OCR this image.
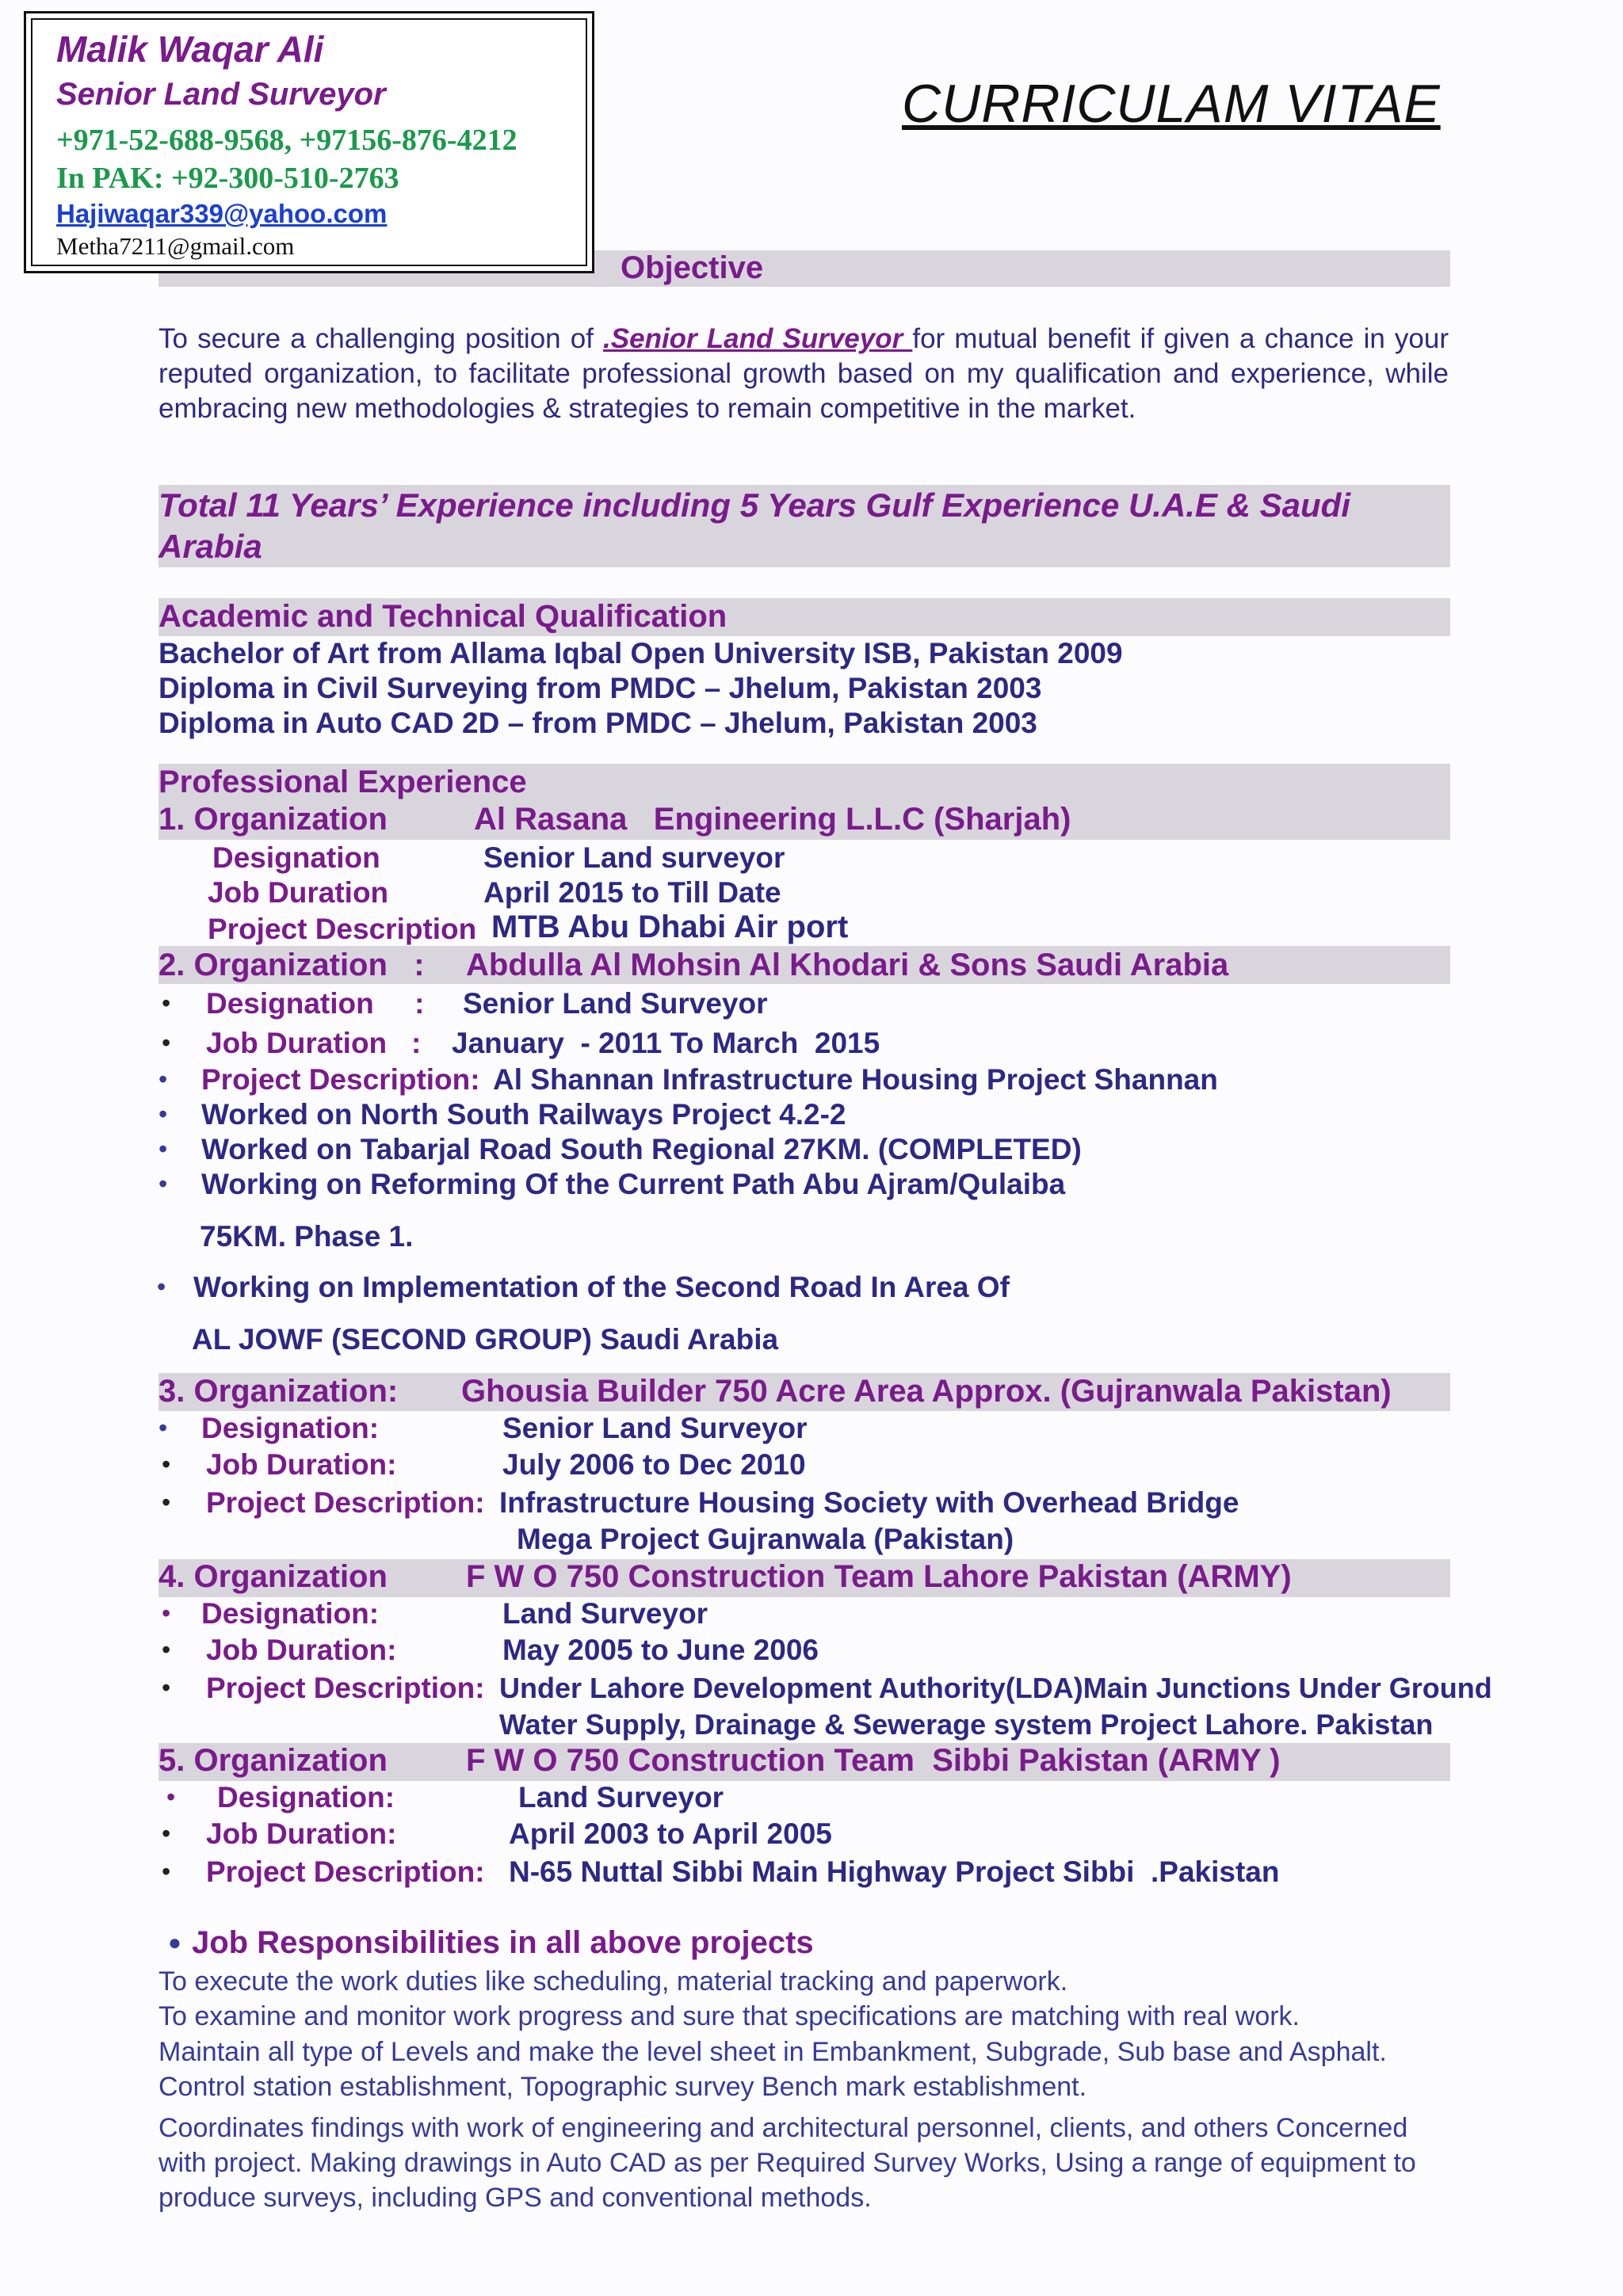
Malik Waqar Ali
Senior Land Surveyor
+971-52-688-9568, +97156-876-4212
In PAK: +92-300-510-2763
Hajiwaqar339@yahoo.com
Metha7211@gmail.com
CURRICULAM VITAE
Objective
To secure a challenging position of .Senior Land Surveyor for mutual benefit if given a chance in your reputed organization, to facilitate professional growth based on my qualification and experience, while embracing new methodologies & strategies to remain competitive in the market.
Total 11 Years’ Experience including 5 Years Gulf Experience U.A.E & Saudi Arabia
Academic and Technical Qualification
Bachelor of Art from Allama Iqbal Open University ISB, Pakistan 2009
Diploma in Civil Surveying from PMDC – Jhelum, Pakistan 2003
Diploma in Auto CAD 2D – from PMDC – Jhelum, Pakistan 2003
Professional Experience
1. Organization	Al Rasana   Engineering L.L.C (Sharjah)
Designation	Senior Land surveyor
Job Duration	April 2015 to Till Date
Project Description MTB Abu Dhabi Air port
2. Organization   : Abdulla Al Mohsin Al Khodari & Sons Saudi Arabia
• Designation     : Senior Land Surveyor
• Job Duration   : January  - 2011 To March  2015
• Project Description: Al Shannan Infrastructure Housing Project Shannan
• Worked on North South Railways Project 4.2-2
• Worked on Tabarjal Road South Regional 27KM. (COMPLETED)
• Working on Reforming Of the Current Path Abu Ajram/Qulaiba
75KM. Phase 1.
• Working on Implementation of the Second Road In Area Of
AL JOWF (SECOND GROUP) Saudi Arabia
3. Organization: Ghousia Builder 750 Acre Area Approx. (Gujranwala Pakistan)
• Designation:	Senior Land Surveyor
• Job Duration:	July 2006 to Dec 2010
• Project Description: Infrastructure Housing Society with Overhead Bridge
Mega Project Gujranwala (Pakistan)
4. Organization F W O 750 Construction Team Lahore Pakistan (ARMY)
• Designation:	Land Surveyor
• Job Duration:	May 2005 to June 2006
• Project Description: Under Lahore Development Authority(LDA)Main Junctions Under Ground
Water Supply, Drainage & Sewerage system Project Lahore. Pakistan
5. Organization F W O 750 Construction Team  Sibbi Pakistan (ARMY )
• Designation:	Land Surveyor
• Job Duration:	April 2003 to April 2005
• Project Description: N-65 Nuttal Sibbi Main Highway Project Sibbi  .Pakistan
● Job Responsibilities in all above projects
To execute the work duties like scheduling, material tracking and paperwork.
To examine and monitor work progress and sure that specifications are matching with real work.
Maintain all type of Levels and make the level sheet in Embankment, Subgrade, Sub base and Asphalt. Control station establishment, Topographic survey Bench mark establishment.
Coordinates findings with work of engineering and architectural personnel, clients, and others Concerned with project. Making drawings in Auto CAD as per Required Survey Works, Using a range of equipment to produce surveys, including GPS and conventional methods.
